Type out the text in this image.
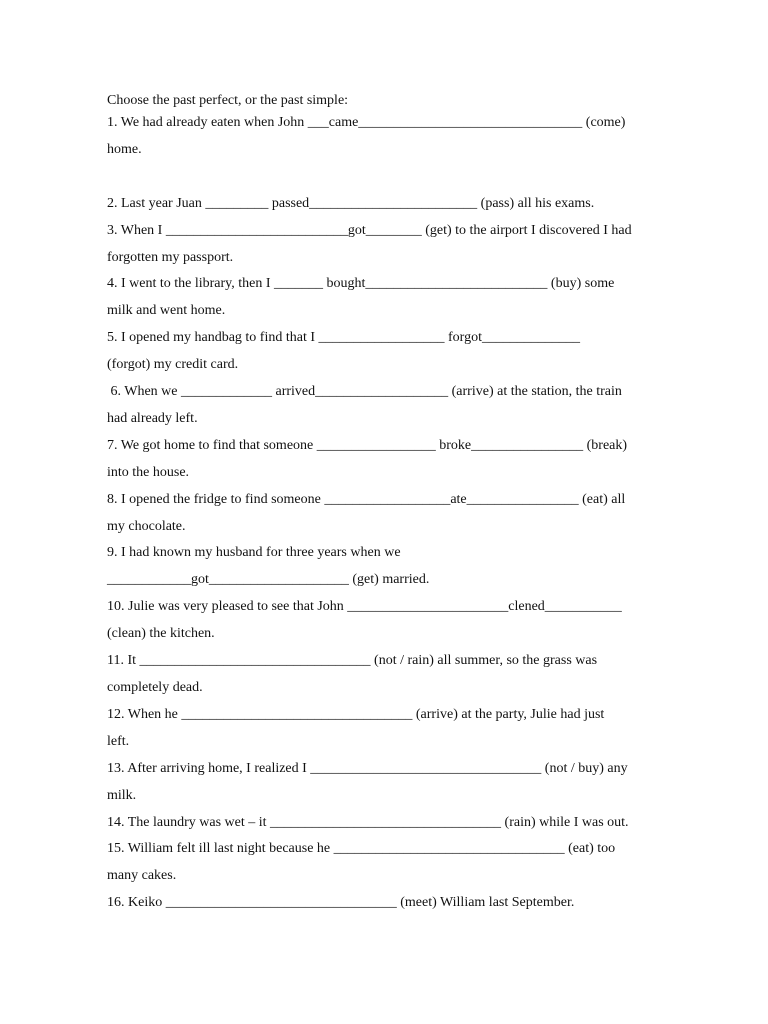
Choose the past perfect, or the past simple:
1. We had already eaten when John ___came________________________________ (come)
home.
2. Last year Juan _________ passed________________________ (pass) all his exams.
3. When I __________________________got________ (get) to the airport I discovered I had
forgotten my passport.
4. I went to the library, then I _______ bought__________________________ (buy) some
milk and went home.
5. I opened my handbag to find that I __________________ forgot______________
(forgot) my credit card.
6. When we _____________ arrived___________________ (arrive) at the station, the train
had already left.
7. We got home to find that someone _________________ broke________________ (break)
into the house.
8. I opened the fridge to find someone __________________ate________________ (eat) all
my chocolate.
9. I had known my husband for three years when we
____________got____________________ (get) married.
10. Julie was very pleased to see that John _______________________clened___________
(clean) the kitchen.
11. It _________________________________ (not / rain) all summer, so the grass was
completely dead.
12. When he _________________________________ (arrive) at the party, Julie had just
left.
13. After arriving home, I realized I _________________________________ (not / buy) any
milk.
14. The laundry was wet – it _________________________________ (rain) while I was out.
15. William felt ill last night because he _________________________________ (eat) too
many cakes.
16. Keiko _________________________________ (meet) William last September.
